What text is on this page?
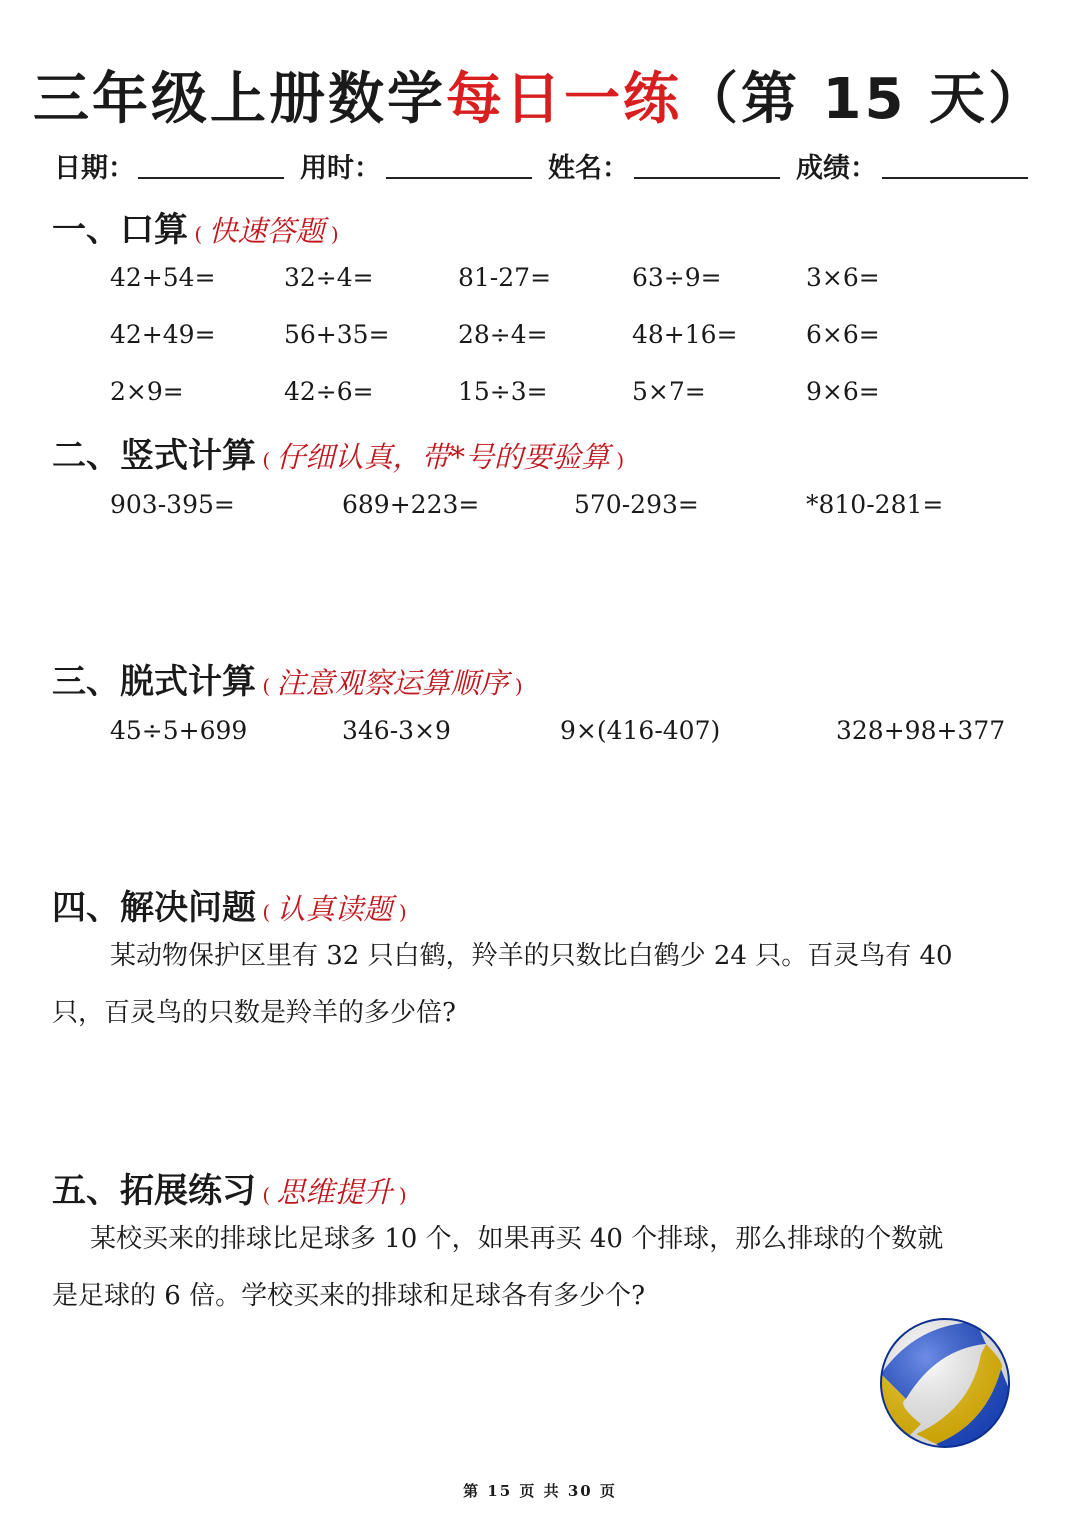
三年级上册数学每日一练（第 15 天）
日期：	用时：	姓名：	成绩：
一、口算 ( 快速答题 )
42+54=	32÷4=	81-27=	63÷9=	3×6=
42+49=	56+35=	28÷4=	48+16=	6×6=
2×9=	42÷6=	15÷3=	5×7=	9×6=
二、竖式计算 ( 仔细认真，带*号的要验算 )
903-395=	689+223=	570-293=	*810-281=
三、脱式计算 ( 注意观察运算顺序 )
45÷5+699	346-3×9	9×(416-407)	328+98+377
四、解决问题 ( 认真读题 )
某动物保护区里有 32 只白鹤，羚羊的只数比白鹤少 24 只。百灵鸟有 40
只，百灵鸟的只数是羚羊的多少倍?
五、拓展练习 ( 思维提升 )
某校买来的排球比足球多 10 个，如果再买 40 个排球，那么排球的个数就
是足球的 6 倍。学校买来的排球和足球各有多少个?
第 15 页 共 30 页
